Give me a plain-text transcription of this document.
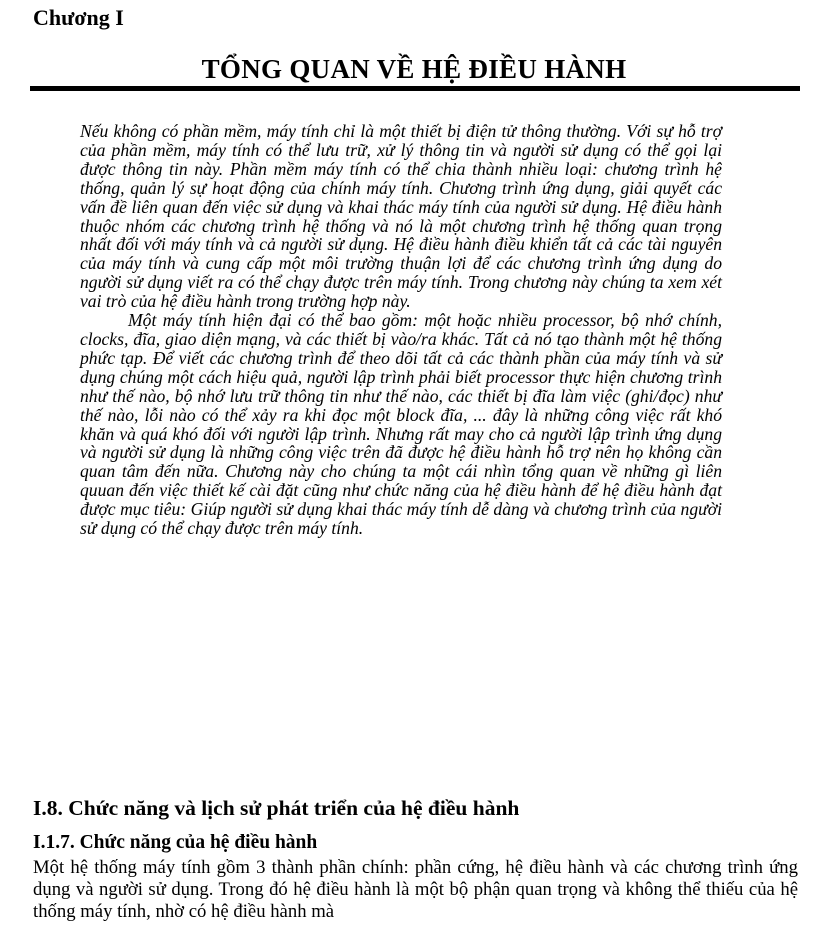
Chương I
TỔNG QUAN VỀ HỆ ĐIỀU HÀNH

Nếu không có phần mềm, máy tính chỉ là một thiết bị điện tử thông thường. Với sự hỗ trợ của phần mềm, máy tính có thể lưu trữ, xử lý thông tin và người sử dụng có thể gọi lại được thông tin này. Phần mềm máy tính có thể chia thành nhiều loại: chương trình hệ thống, quản lý sự hoạt động của chính máy tính. Chương trình ứng dụng, giải quyết các vấn đề liên quan đến việc sử dụng và khai thác máy tính của người sử dụng. Hệ điều hành thuộc nhóm các chương trình hệ thống và nó là một chương trình hệ thống quan trọng nhất đối với máy tính và cả người sử dụng. Hệ điều hành điều khiển tất cả các tài nguyên của máy tính và cung cấp một môi trường thuận lợi để các chương trình ứng dụng do người sử dụng viết ra có thể chạy được trên máy tính. Trong chương này chúng ta xem xét vai trò của hệ điều hành trong trường hợp này.

Một máy tính hiện đại có thể bao gồm: một hoặc nhiều processor, bộ nhớ chính, clocks, đĩa, giao diện mạng, và các thiết bị vào/ra khác. Tất cả nó tạo thành một hệ thống phức tạp. Để viết các chương trình để theo dõi tất cả các thành phần của máy tính và sử dụng chúng một cách hiệu quả, người lập trình phải biết processor thực hiện chương trình như thế nào, bộ nhớ lưu trữ thông tin như thế nào, các thiết bị đĩa làm việc (ghi/đọc) như thế nào, lỗi nào có thể xảy ra khi đọc một block đĩa, ... đây là những công việc rất khó khăn và quá khó đối với người lập trình. Nhưng rất may cho cả người lập trình ứng dụng và người sử dụng là những công việc trên đã được hệ điều hành hỗ trợ nên họ không cần quan tâm đến nữa. Chương này cho chúng ta một cái nhìn tổng quan về những gì liên quuan đến việc thiết kế cài đặt cũng như chức năng của hệ điều hành để hệ điều hành đạt được mục tiêu: Giúp người sử dụng khai thác máy tính dễ dàng và chương trình của người sử dụng có thể chạy được trên máy tính.

I.8. Chức năng và lịch sử phát triển của hệ điều hành
I.1.7. Chức năng của hệ điều hành

Một hệ thống máy tính gồm 3 thành phần chính: phần cứng, hệ điều hành và các chương trình ứng dụng và người sử dụng. Trong đó hệ điều hành là một bộ phận quan trọng và không thể thiếu của hệ thống máy tính, nhờ có hệ điều hành mà
